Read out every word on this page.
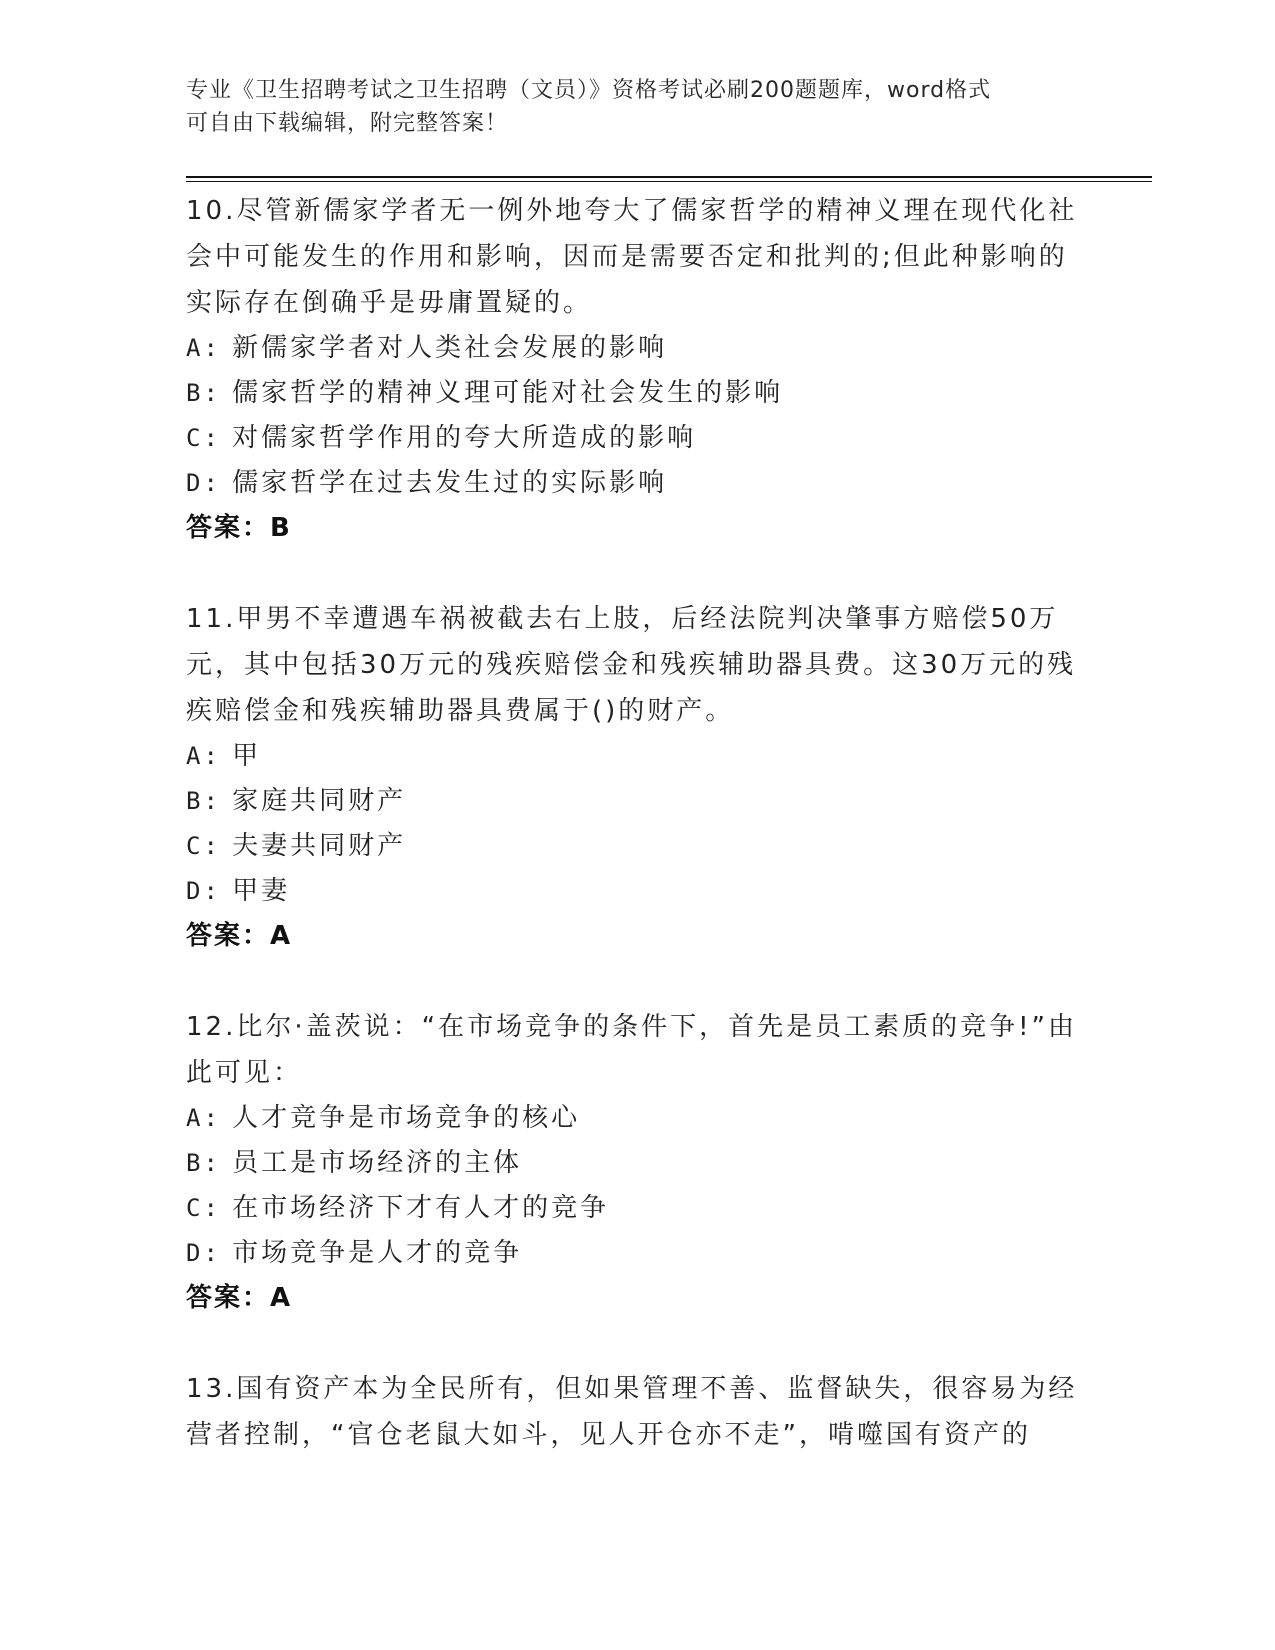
专业《卫生招聘考试之卫生招聘（文员）》资格考试必刷200题题库，word格式
可自由下载编辑，附完整答案！

10.尽管新儒家学者无一例外地夸大了儒家哲学的精神义理在现代化社会中可能发生的作用和影响，因而是需要否定和批判的;但此种影响的实际存在倒确乎是毋庸置疑的。

A: 新儒家学者对人类社会发展的影响

B: 儒家哲学的精神义理可能对社会发生的影响

C: 对儒家哲学作用的夸大所造成的影响

D: 儒家哲学在过去发生过的实际影响

答案：B

11.甲男不幸遭遇车祸被截去右上肢，后经法院判决肇事方赔偿50万元，其中包括30万元的残疾赔偿金和残疾辅助器具费。这30万元的残疾赔偿金和残疾辅助器具费属于()的财产。

A: 甲

B: 家庭共同财产

C: 夫妻共同财产

D: 甲妻

答案：A

12.比尔·盖茨说：“在市场竞争的条件下，首先是员工素质的竞争!”由此可见：

A: 人才竞争是市场竞争的核心

B: 员工是市场经济的主体

C: 在市场经济下才有人才的竞争

D: 市场竞争是人才的竞争

答案：A

13.国有资产本为全民所有，但如果管理不善、监督缺失，很容易为经营者控制，“官仓老鼠大如斗，见人开仓亦不走”，啃噬国有资产的
